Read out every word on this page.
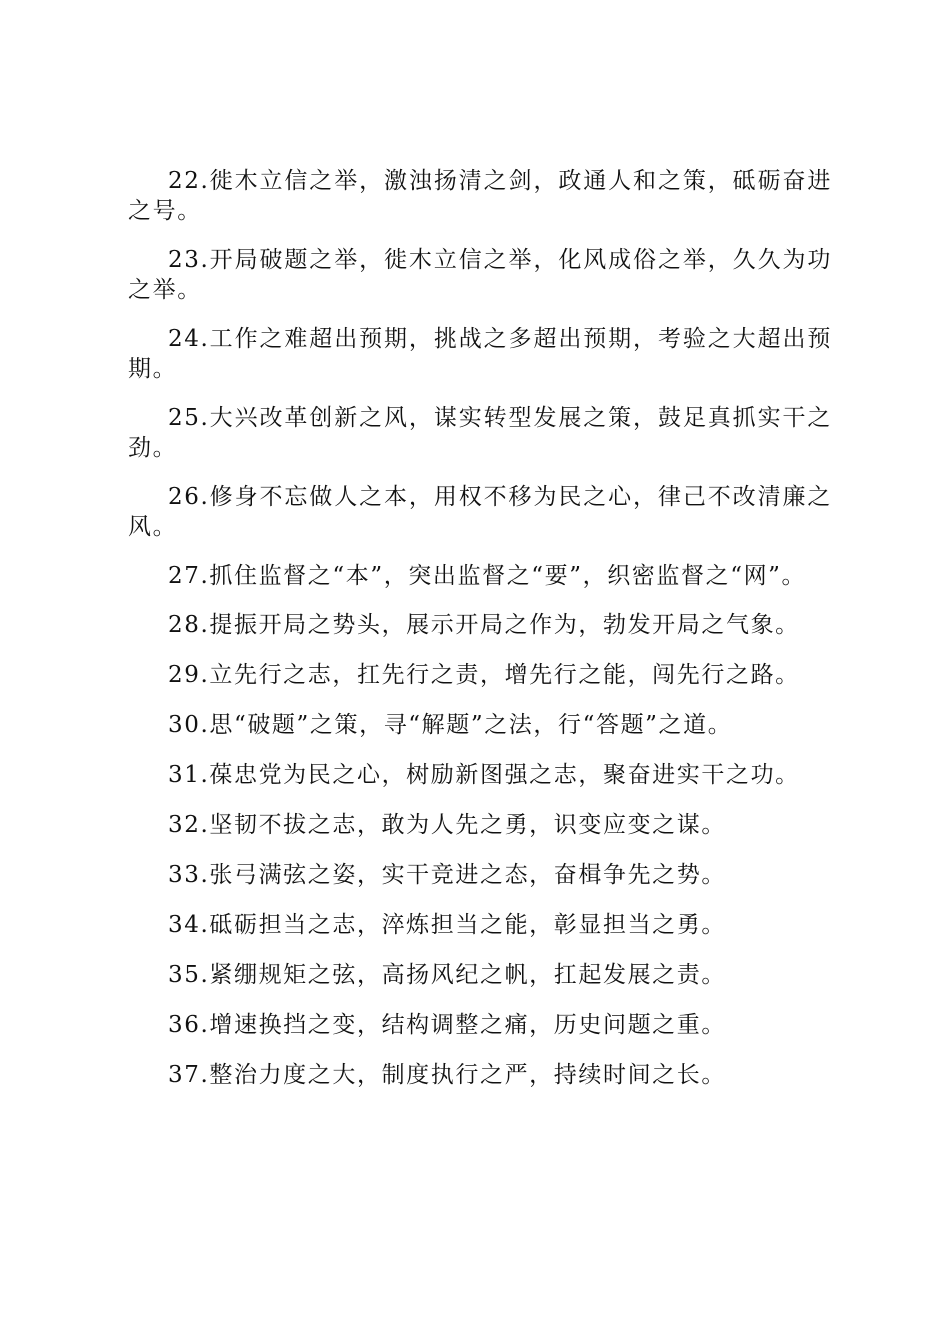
22.徙木立信之举，激浊扬清之剑，政通人和之策，砥砺奋进之号。

23.开局破题之举，徙木立信之举，化风成俗之举，久久为功之举。

24.工作之难超出预期，挑战之多超出预期，考验之大超出预期。

25.大兴改革创新之风，谋实转型发展之策，鼓足真抓实干之劲。

26.修身不忘做人之本，用权不移为民之心，律己不改清廉之风。

27.抓住监督之“本”，突出监督之“要”，织密监督之“网”。

28.提振开局之势头，展示开局之作为，勃发开局之气象。

29.立先行之志，扛先行之责，增先行之能，闯先行之路。

30.思“破题”之策，寻“解题”之法，行“答题”之道。

31.葆忠党为民之心，树励新图强之志，聚奋进实干之功。

32.坚韧不拔之志，敢为人先之勇，识变应变之谋。

33.张弓满弦之姿，实干竞进之态，奋楫争先之势。

34.砥砺担当之志，淬炼担当之能，彰显担当之勇。

35.紧绷规矩之弦，高扬风纪之帆，扛起发展之责。

36.增速换挡之变，结构调整之痛，历史问题之重。

37.整治力度之大，制度执行之严，持续时间之长。
